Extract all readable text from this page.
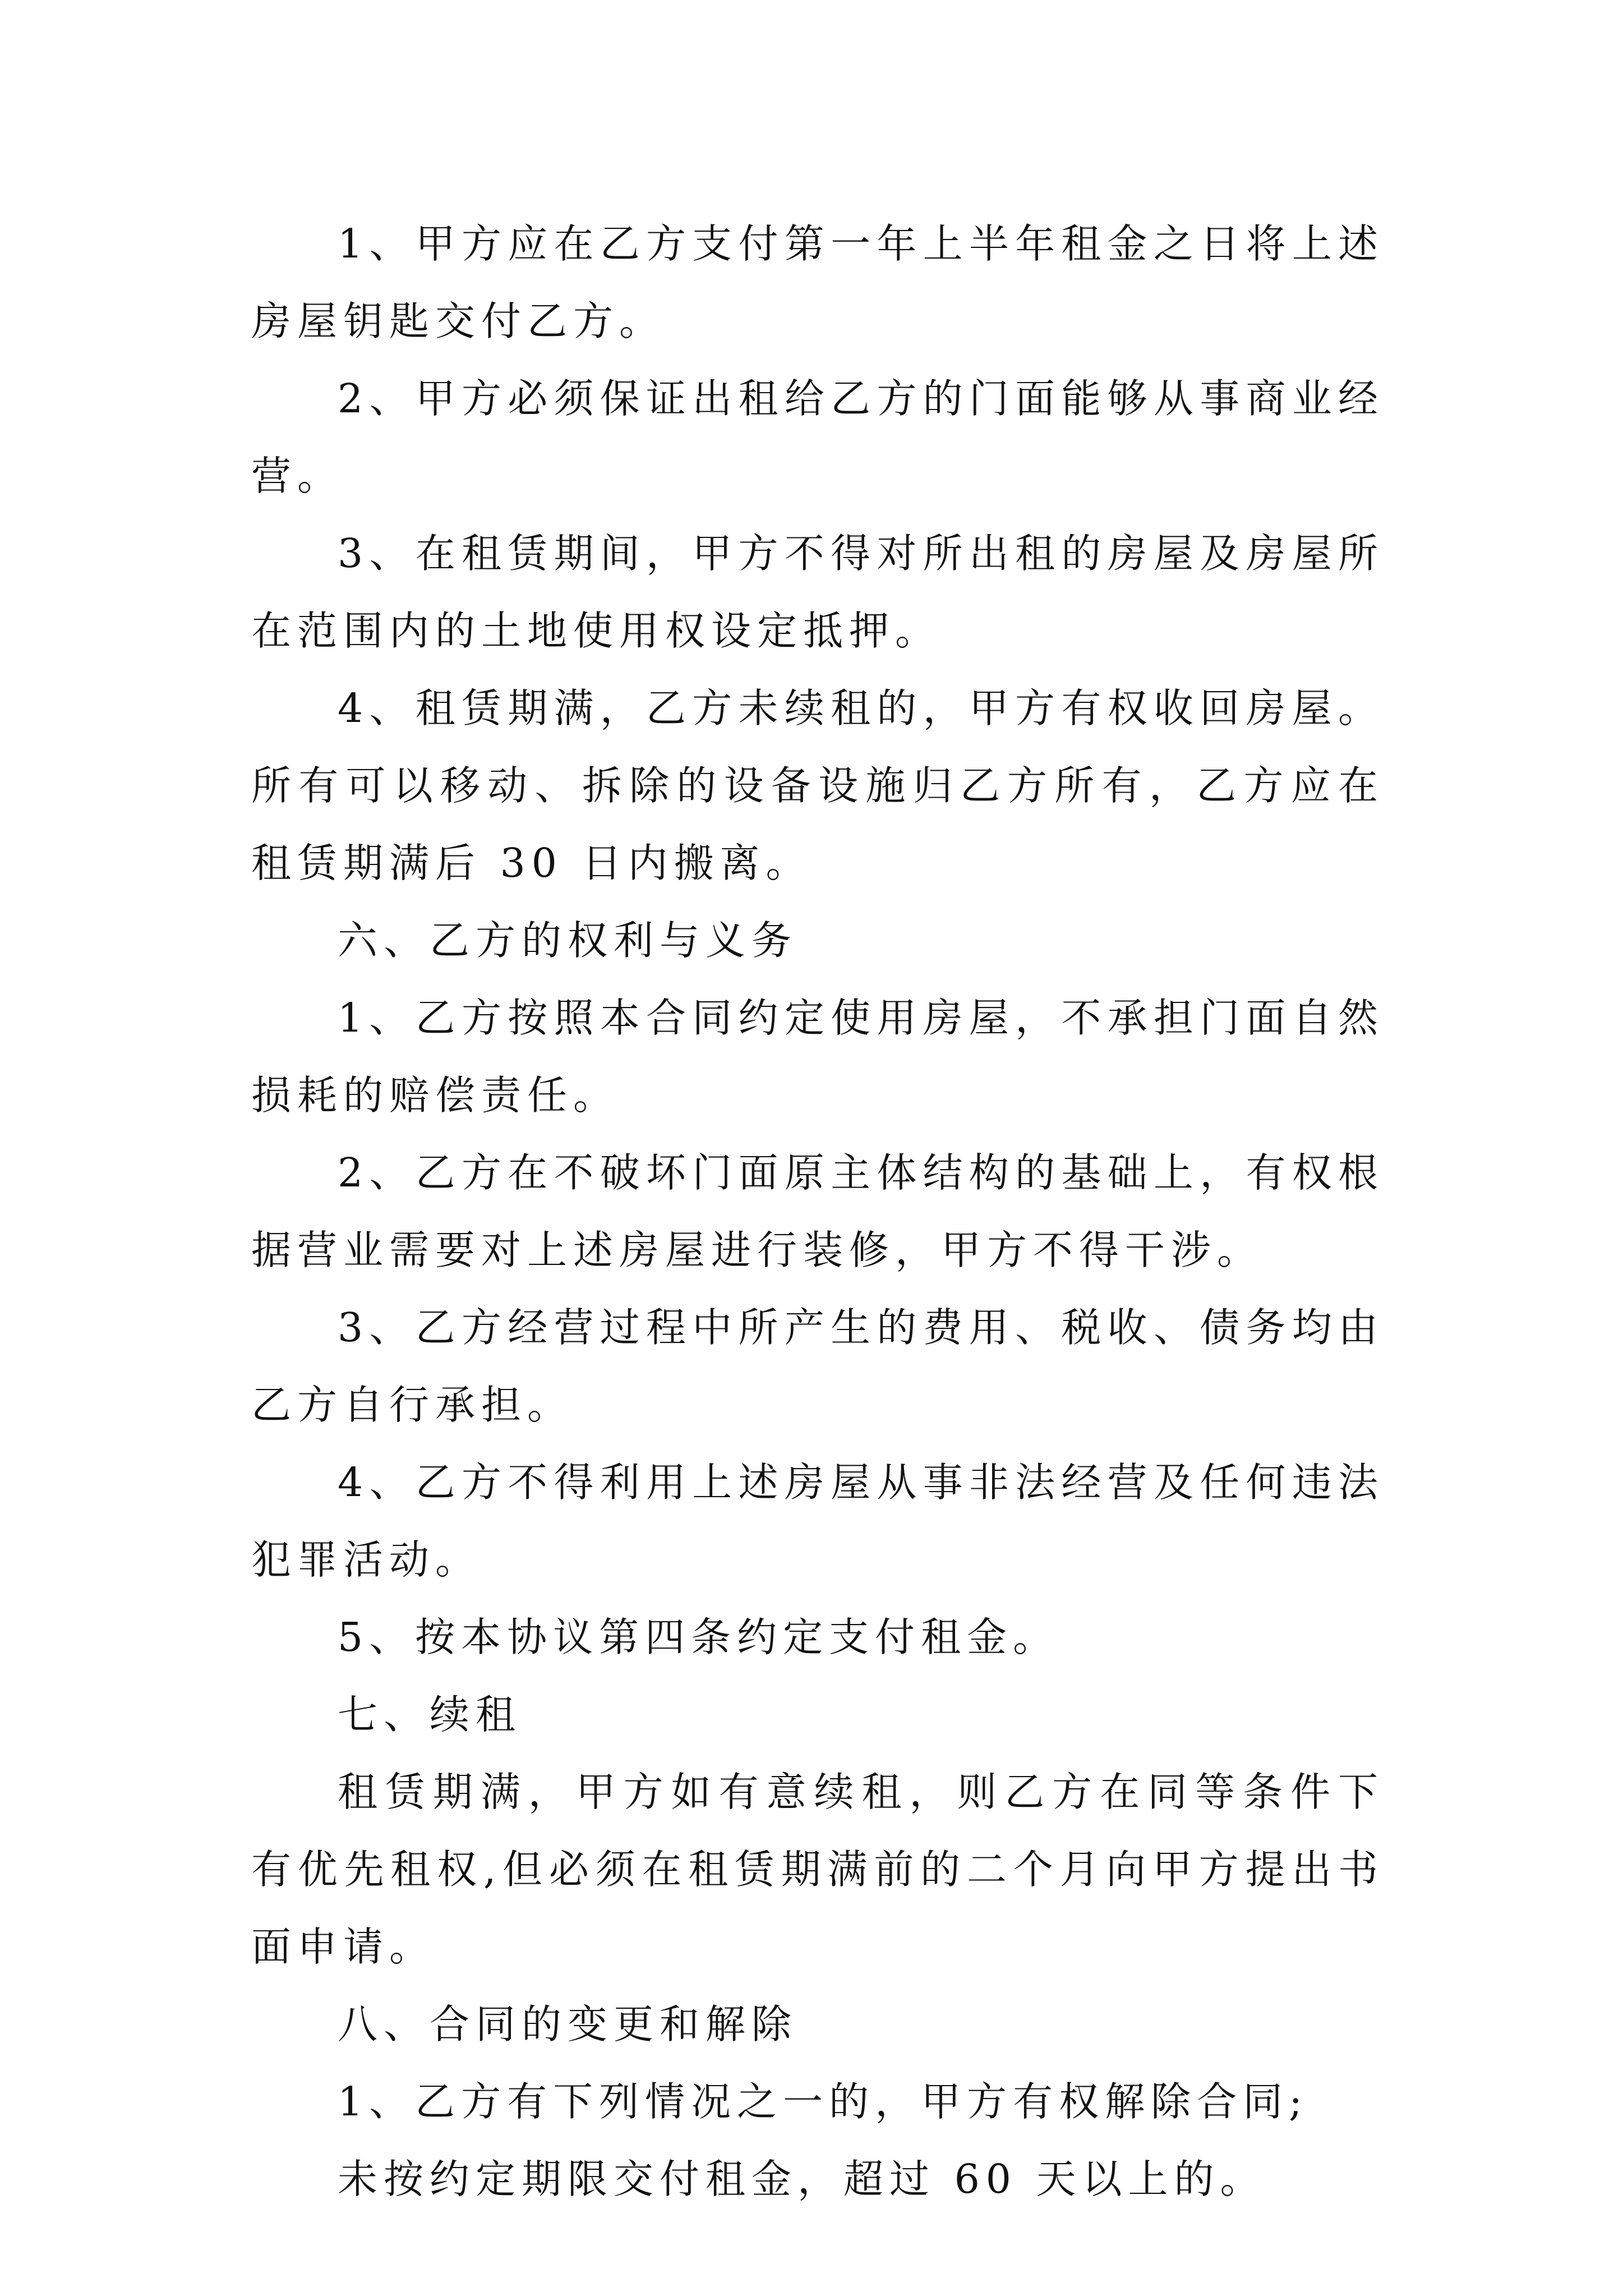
1、甲方应在乙方支付第一年上半年租金之日将上述房屋钥匙交付乙方。

2、甲方必须保证出租给乙方的门面能够从事商业经营。

3、在租赁期间，甲方不得对所出租的房屋及房屋所在范围内的土地使用权设定抵押。

4、租赁期满，乙方未续租的，甲方有权收回房屋。所有可以移动、拆除的设备设施归乙方所有，乙方应在租赁期满后 30 日内搬离。

六、乙方的权利与义务

1、乙方按照本合同约定使用房屋，不承担门面自然损耗的赔偿责任。

2、乙方在不破坏门面原主体结构的基础上，有权根据营业需要对上述房屋进行装修，甲方不得干涉。

3、乙方经营过程中所产生的费用、税收、债务均由乙方自行承担。

4、乙方不得利用上述房屋从事非法经营及任何违法犯罪活动。

5、按本协议第四条约定支付租金。

七、续租

租赁期满，甲方如有意续租，则乙方在同等条件下有优先租权,但必须在租赁期满前的二个月向甲方提出书面申请。

八、合同的变更和解除

1、乙方有下列情况之一的，甲方有权解除合同;

未按约定期限交付租金，超过 60 天以上的。
